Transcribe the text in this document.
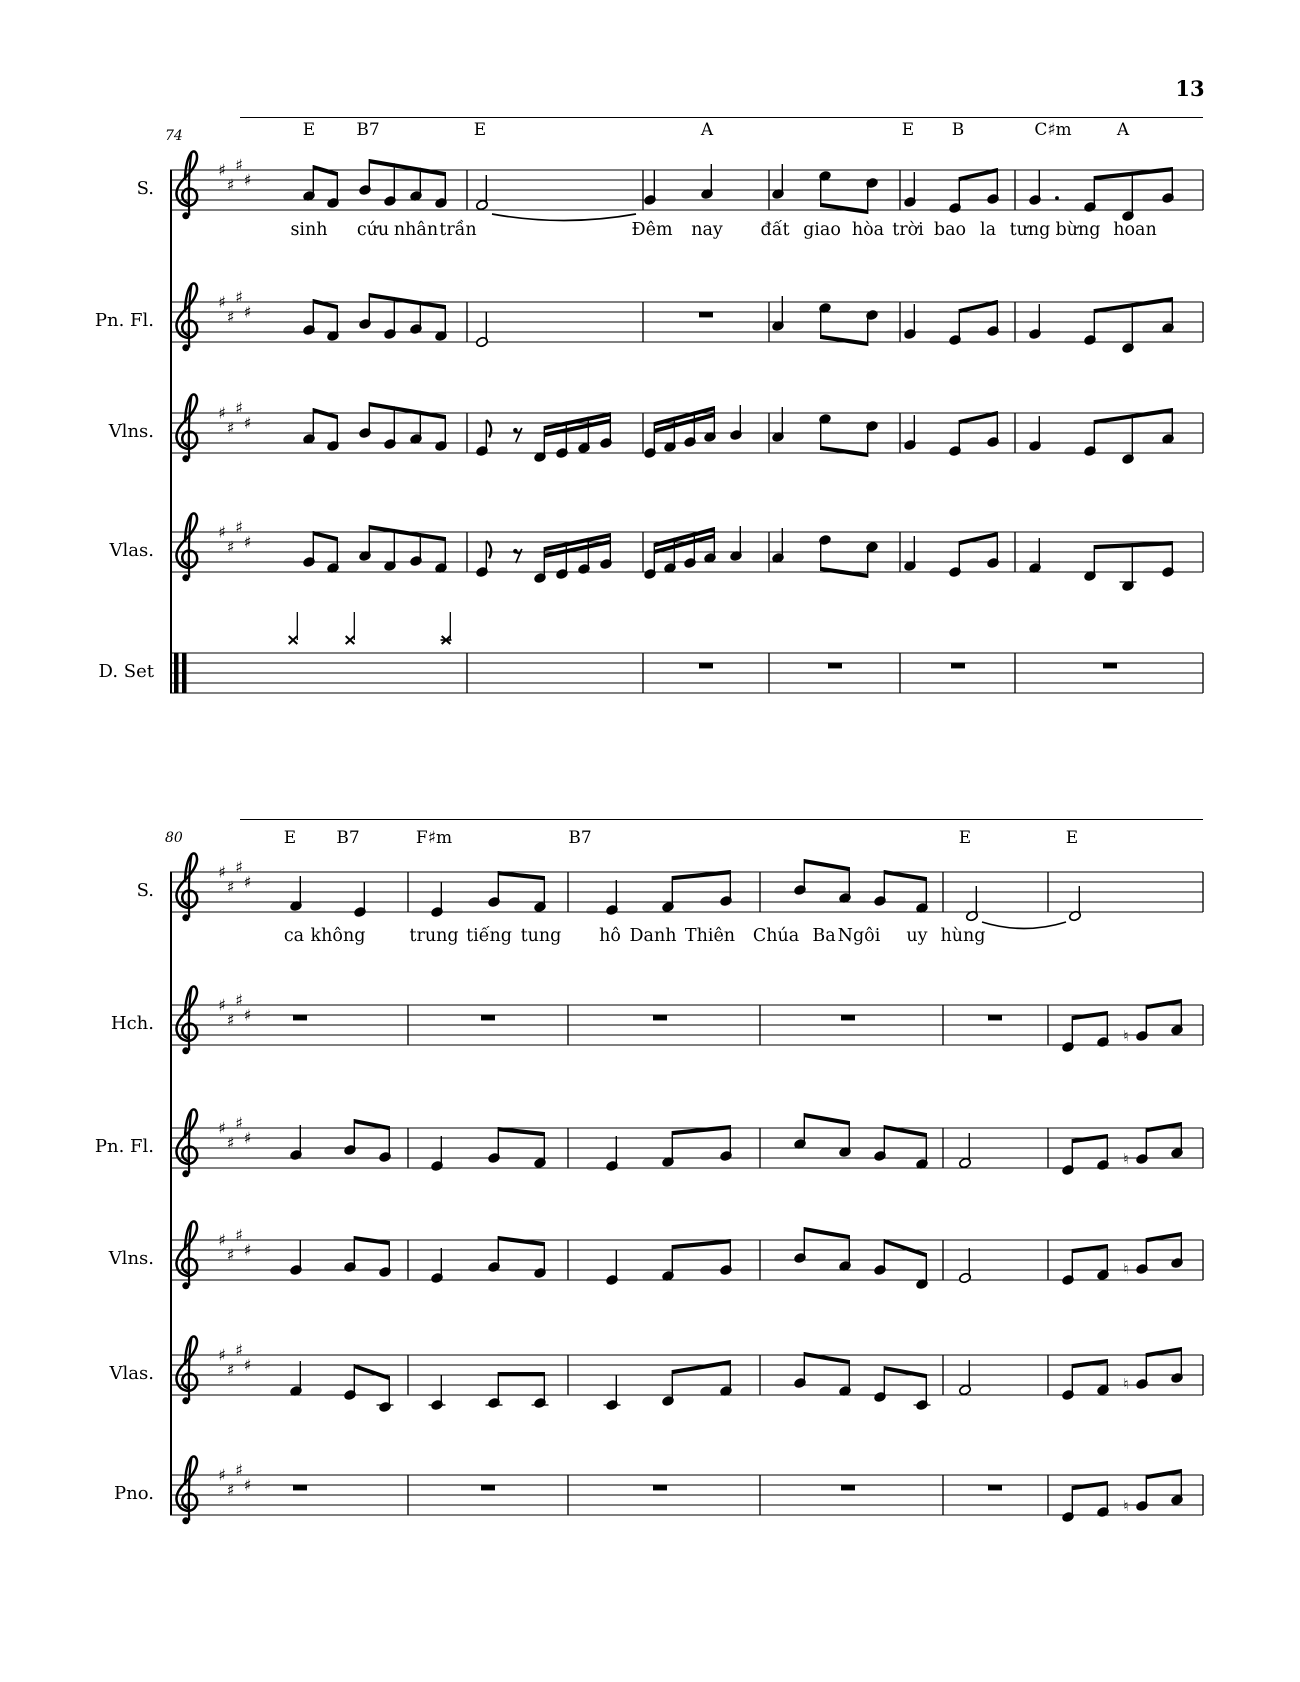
13
74	E B7	E	A	E B	C♯m	A
sinh cứu nhân trần	Đêm nay đất giao hòa trời bao la tưng bừng hoan
S.
♯
♯
♯
♯
Pn. Fl.
♯
♯
♯
♯
Vlns.
♯
♯
♯
♯
Vlas.
♯
♯
♯
♯
D. Set
80	E B7	F♯m	B7	E	E
ca không	trung tiếng tung hô Danh Thiên Chúa Ba Ngôi uy hùng
S.
♯
♯
♯
♯
Hch.
♯
♯
♯
♯
♮
Pn. Fl.
♯
♯
♯
♯
♮
Vlns.
♯
♯
♯
♯
♮
Vlas.
♯
♯
♯
♯
♮
Pno.
♯
♯
♯
♯
♮
